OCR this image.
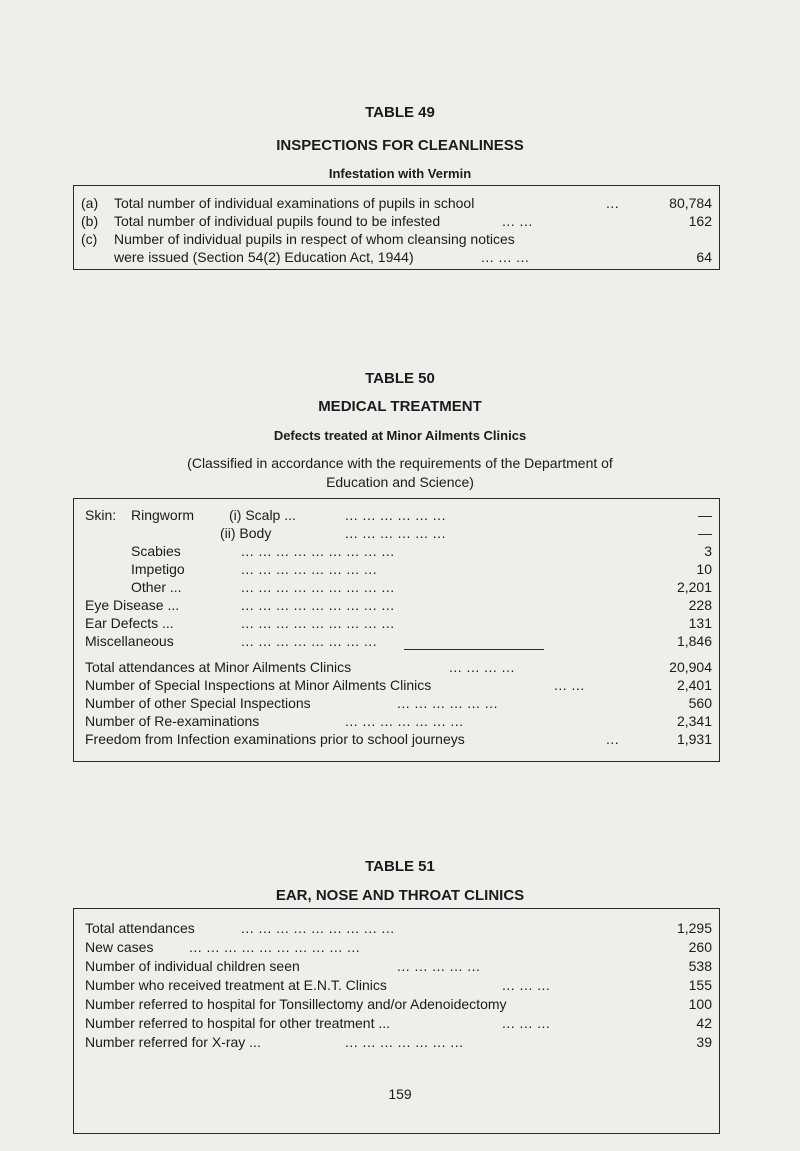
TABLE 49
INSPECTIONS FOR CLEANLINESS
Infestation with Vermin
(a) Total number of individual examinations of pupils in school	...	80,784
(b) Total number of individual pupils found to be infested	... ...	162
(c) Number of individual pupils in respect of whom cleansing notices
were issued (Section 54(2) Education Act, 1944)	... ... ...	64
TABLE 50
MEDICAL TREATMENT
Defects treated at Minor Ailments Clinics
(Classified in accordance with the requirements of the Department of
Education and Science)
Skin: Ringworm (i) Scalp ...	... ... ... ... ... ...	—
(ii) Body	... ... ... ... ... ...	—
Scabies	... ... ... ... ... ... ... ... ...	3
Impetigo	... ... ... ... ... ... ... ...	10
Other ...	... ... ... ... ... ... ... ... ...	2,201
Eye Disease ...	... ... ... ... ... ... ... ... ...	228
Ear Defects ...	... ... ... ... ... ... ... ... ...	131
Miscellaneous	... ... ... ... ... ... ... ...	1,846
Total attendances at Minor Ailments Clinics	... ... ... ...	20,904
Number of Special Inspections at Minor Ailments Clinics	... ...	2,401
Number of other Special Inspections	... ... ... ... ... ...	560
Number of Re-examinations	... ... ... ... ... ... ...	2,341
Freedom from Infection examinations prior to school journeys	...	1,931
TABLE 51
EAR, NOSE AND THROAT CLINICS
Total attendances	... ... ... ... ... ... ... ... ...	1,295
New cases	... ... ... ... ... ... ... ... ... ...	260
Number of individual children seen	... ... ... ... ...	538
Number who received treatment at E.N.T. Clinics	... ... ...	155
Number referred to hospital for Tonsillectomy and/or Adenoidectomy	100
Number referred to hospital for other treatment ...	... ... ...	42
Number referred for X-ray ...	... ... ... ... ... ... ...	39
159
